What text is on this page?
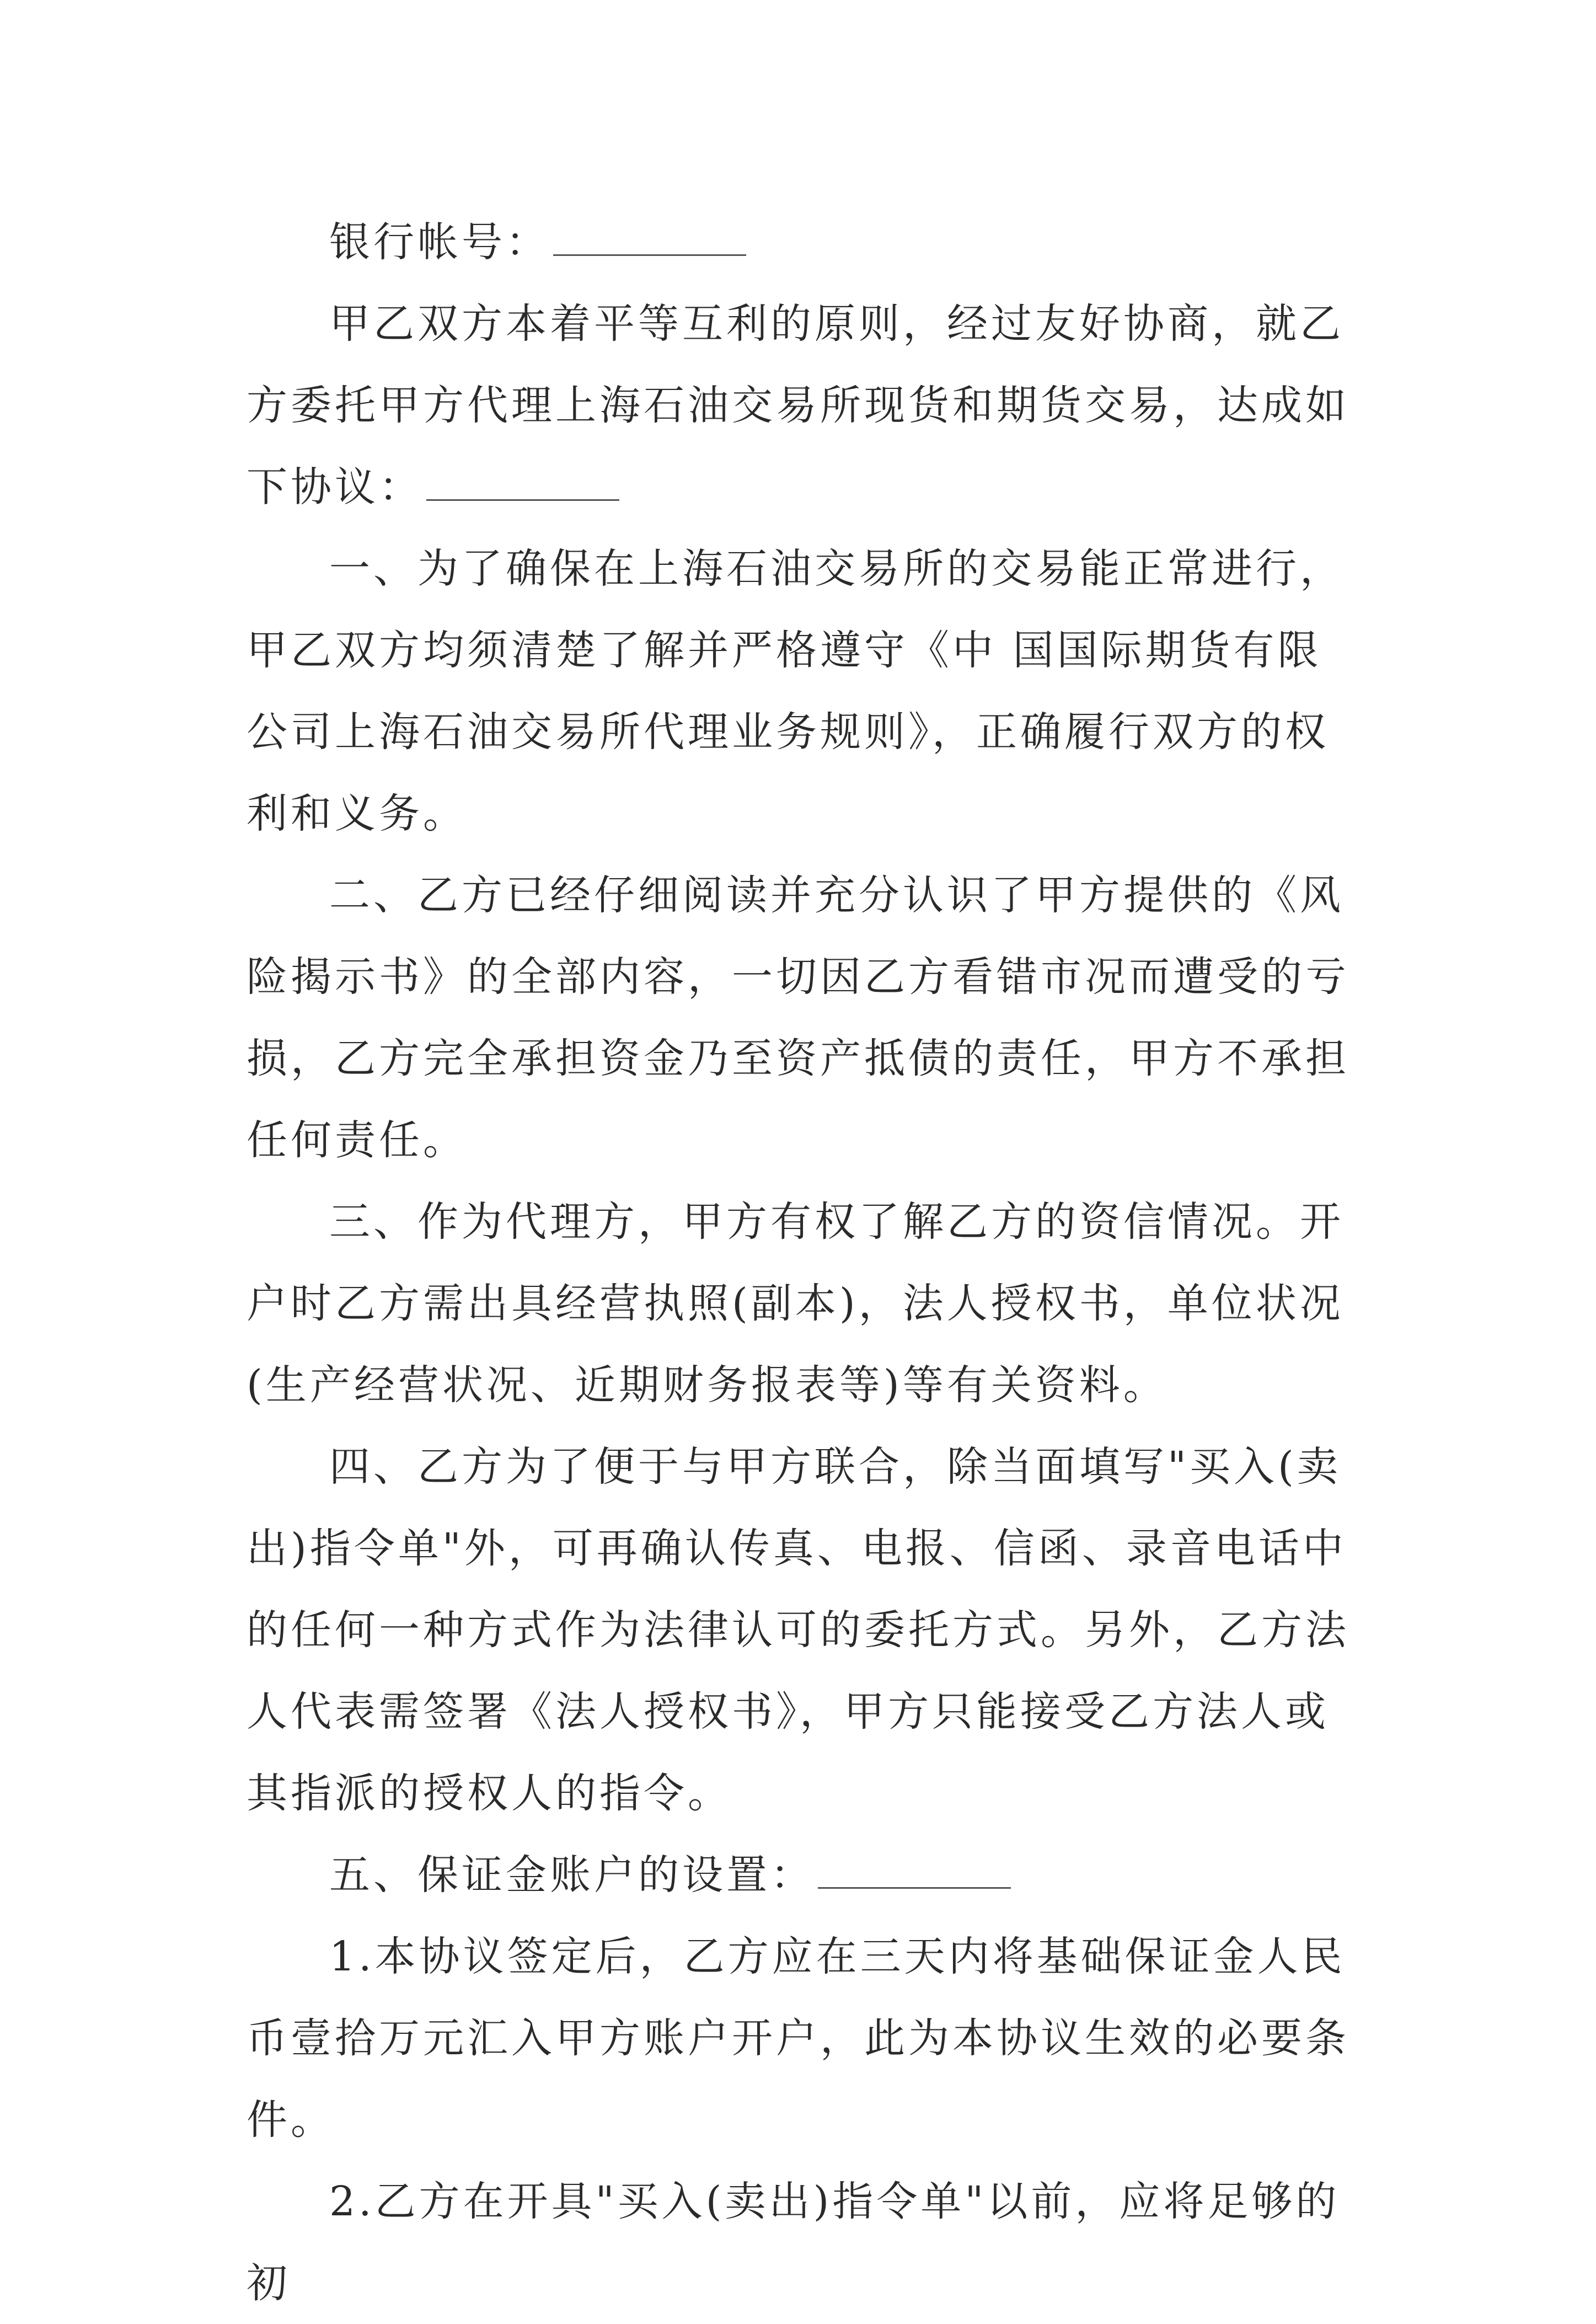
银行帐号：

甲乙双方本着平等互利的原则，经过友好协商，就乙方委托甲方代理上海石油交易所现货和期货交易，达成如下协议：

一、为了确保在上海石油交易所的交易能正常进行，甲乙双方均须清楚了解并严格遵守《中 国国际期货有限公司上海石油交易所代理业务规则》，正确履行双方的权利和义务。

二、乙方已经仔细阅读并充分认识了甲方提供的《风险揭示书》的全部内容，一切因乙方看错市况而遭受的亏损，乙方完全承担资金乃至资产抵债的责任，甲方不承担任何责任。

三、作为代理方，甲方有权了解乙方的资信情况。开户时乙方需出具经营执照(副本)，法人授权书，单位状况(生产经营状况、近期财务报表等)等有关资料。

四、乙方为了便于与甲方联合，除当面填写"买入(卖出)指令单"外，可再确认传真、电报、信函、录音电话中的任何一种方式作为法律认可的委托方式。另外，乙方法人代表需签署《法人授权书》，甲方只能接受乙方法人或其指派的授权人的指令。

五、保证金账户的设置：

1.本协议签定后，乙方应在三天内将基础保证金人民币壹拾万元汇入甲方账户开户，此为本协议生效的必要条件。

2.乙方在开具"买入(卖出)指令单"以前，应将足够的初
